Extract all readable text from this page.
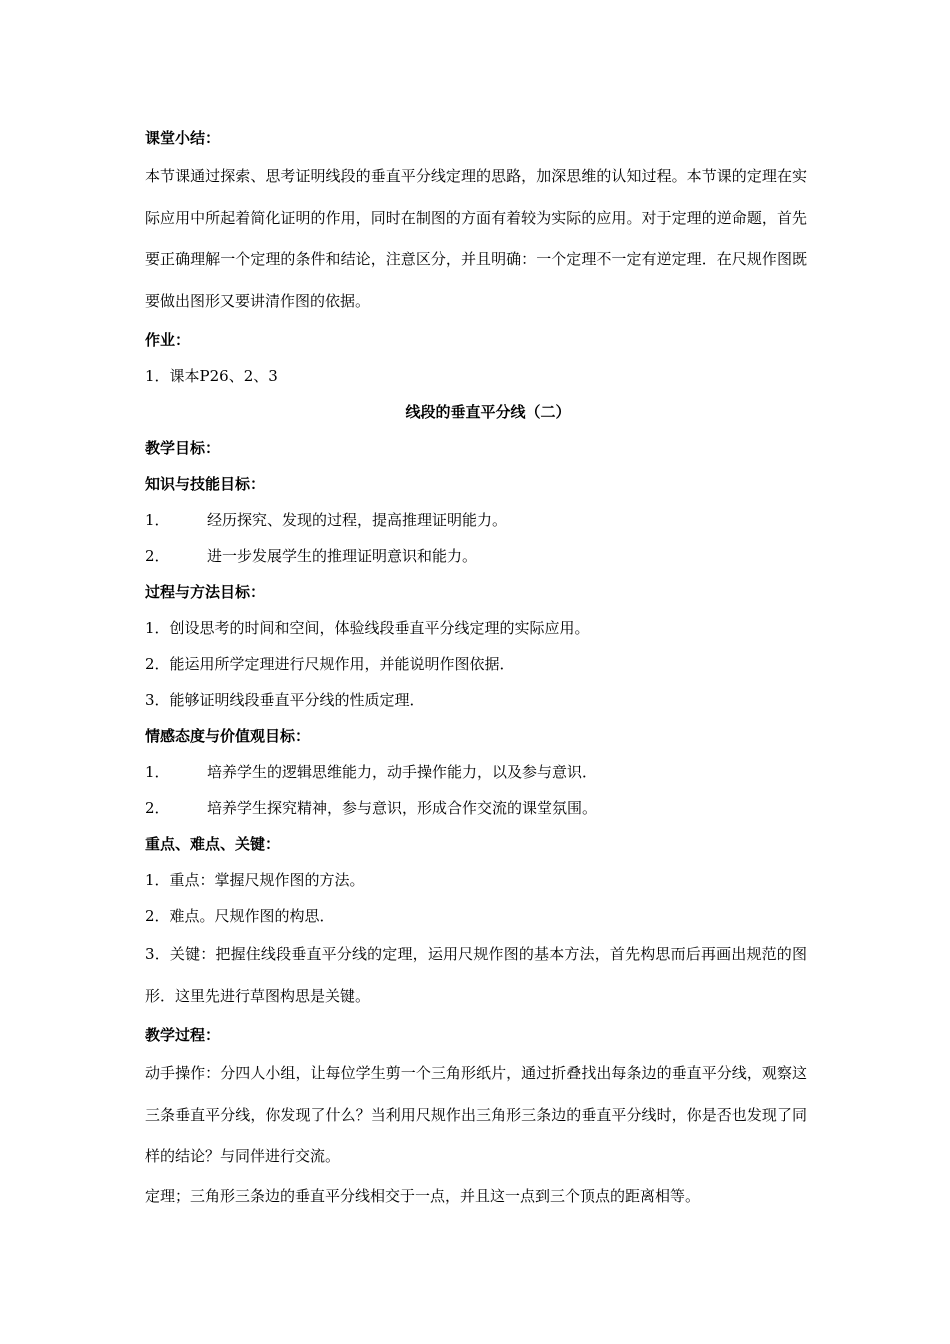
课堂小结：

本节课通过探索、思考证明线段的垂直平分线定理的思路，加深思维的认知过程。本节课的定理在实际应用中所起着简化证明的作用，同时在制图的方面有着较为实际的应用。对于定理的逆命题，首先要正确理解一个定理的条件和结论，注意区分，并且明确：一个定理不一定有逆定理．在尺规作图既要做出图形又要讲清作图的依据。

作业：
1．课本P26、2、3
线段的垂直平分线（二）
教学目标：
知识与技能目标：
1．	经历探究、发现的过程，提高推理证明能力。
2．	进一步发展学生的推理证明意识和能力。
过程与方法目标：
1．创设思考的时间和空间，体验线段垂直平分线定理的实际应用。
2．能运用所学定理进行尺规作用，并能说明作图依据．
3．能够证明线段垂直平分线的性质定理．
情感态度与价值观目标：
1．	培养学生的逻辑思维能力，动手操作能力，以及参与意识．
2．	培养学生探究精神，参与意识，形成合作交流的课堂氛围。
重点、难点、关键：
1．重点：掌握尺规作图的方法。
2．难点。尺规作图的构思．

3．关键：把握住线段垂直平分线的定理，运用尺规作图的基本方法，首先构思而后再画出规范的图形．这里先进行草图构思是关键。

教学过程：

动手操作：分四人小组，让每位学生剪一个三角形纸片，通过折叠找出每条边的垂直平分线，观察这三条垂直平分线，你发现了什么？当利用尺规作出三角形三条边的垂直平分线时，你是否也发现了同样的结论？与同伴进行交流。

定理；三角形三条边的垂直平分线相交于一点，并且这一点到三个顶点的距离相等。
